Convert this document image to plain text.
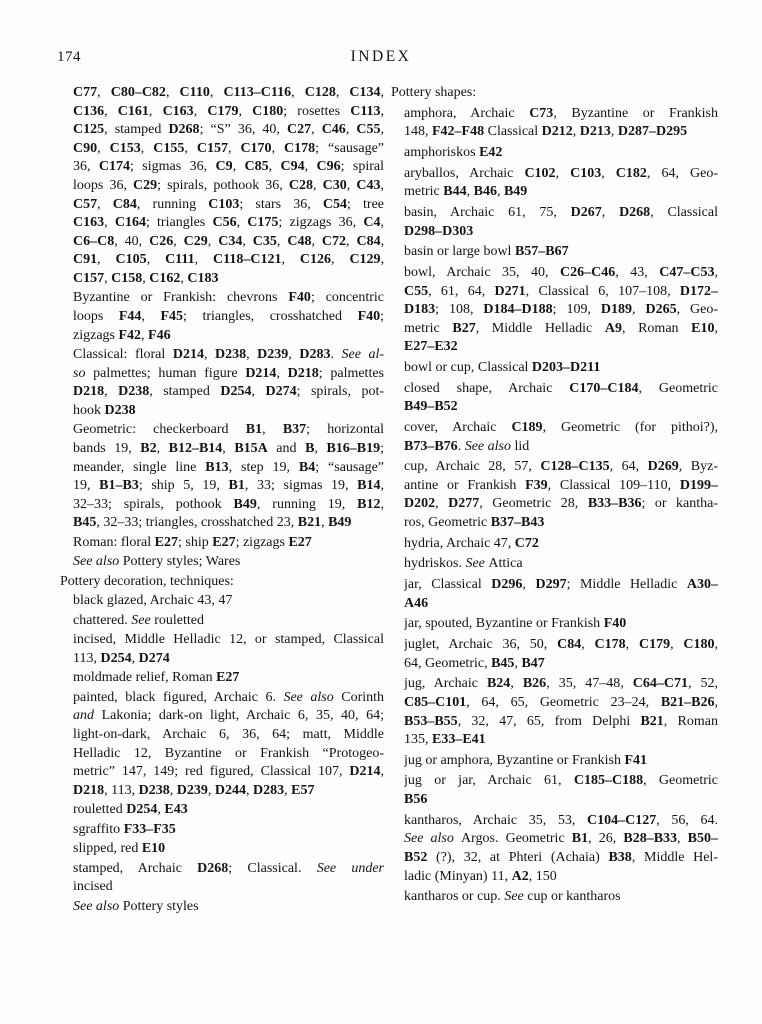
174	INDEX
C77, C80–C82, C110, C113–C116, C128, C134,
C136, C161, C163, C179, C180; rosettes C113,
C125, stamped D268; “S” 36, 40, C27, C46, C55,
C90, C153, C155, C157, C170, C178; “sausage”
36, C174; sigmas 36, C9, C85, C94, C96; spiral
loops 36, C29; spirals, pothook 36, C28, C30, C43,
C57, C84, running C103; stars 36, C54; tree
C163, C164; triangles C56, C175; zigzags 36, C4,
C6–C8, 40, C26, C29, C34, C35, C48, C72, C84,
C91, C105, C111, C118–C121, C126, C129,
C157, C158, C162, C183
Byzantine or Frankish: chevrons F40; concentric
loops F44, F45; triangles, crosshatched F40;
zigzags F42, F46
Classical: floral D214, D238, D239, D283. See al-
so palmettes; human figure D214, D218; palmettes
D218, D238, stamped D254, D274; spirals, pot-
hook D238
Geometric: checkerboard B1, B37; horizontal
bands 19, B2, B12–B14, B15A and B, B16–B19;
meander, single line B13, step 19, B4; “sausage”
19, B1–B3; ship 5, 19, B1, 33; sigmas 19, B14,
32–33; spirals, pothook B49, running 19, B12,
B45, 32–33; triangles, crosshatched 23, B21, B49
Roman: floral E27; ship E27; zigzags E27
See also Pottery styles; Wares
Pottery decoration, techniques:
black glazed, Archaic 43, 47
chattered. See rouletted
incised, Middle Helladic 12, or stamped, Classical
113, D254, D274
moldmade relief, Roman E27
painted, black figured, Archaic 6. See also Corinth
and Lakonia; dark-on light, Archaic 6, 35, 40, 64;
light-on-dark, Archaic 6, 36, 64; matt, Middle
Helladic 12, Byzantine or Frankish “Protogeo-
metric” 147, 149; red figured, Classical 107, D214,
D218, 113, D238, D239, D244, D283, E57
rouletted D254, E43
sgraffito F33–F35
slipped, red E10
stamped, Archaic D268; Classical. See under
incised
See also Pottery styles
Pottery shapes:
amphora, Archaic C73, Byzantine or Frankish
148, F42–F48 Classical D212, D213, D287–D295
amphoriskos E42
aryballos, Archaic C102, C103, C182, 64, Geo-
metric B44, B46, B49
basin, Archaic 61, 75, D267, D268, Classical
D298–D303
basin or large bowl B57–B67
bowl, Archaic 35, 40, C26–C46, 43, C47–C53,
C55, 61, 64, D271, Classical 6, 107–108, D172–
D183; 108, D184–D188; 109, D189, D265, Geo-
metric B27, Middle Helladic A9, Roman E10,
E27–E32
bowl or cup, Classical D203–D211
closed shape, Archaic C170–C184, Geometric
B49–B52
cover, Archaic C189, Geometric (for pithoi?),
B73–B76. See also lid
cup, Archaic 28, 57, C128–C135, 64, D269, Byz-
antine or Frankish F39, Classical 109–110, D199–
D202, D277, Geometric 28, B33–B36; or kantha-
ros, Geometric B37–B43
hydria, Archaic 47, C72
hydriskos. See Attica
jar, Classical D296, D297; Middle Helladic A30–
A46
jar, spouted, Byzantine or Frankish F40
juglet, Archaic 36, 50, C84, C178, C179, C180,
64, Geometric, B45, B47
jug, Archaic B24, B26, 35, 47–48, C64–C71, 52,
C85–C101, 64, 65, Geometric 23–24, B21–B26,
B53–B55, 32, 47, 65, from Delphi B21, Roman
135, E33–E41
jug or amphora, Byzantine or Frankish F41
jug or jar, Archaic 61, C185–C188, Geometric
B56
kantharos, Archaic 35, 53, C104–C127, 56, 64.
See also Argos. Geometric B1, 26, B28–B33, B50–
B52 (?), 32, at Phteri (Achaia) B38, Middle Hel-
ladic (Minyan) 11, A2, 150
kantharos or cup. See cup or kantharos
